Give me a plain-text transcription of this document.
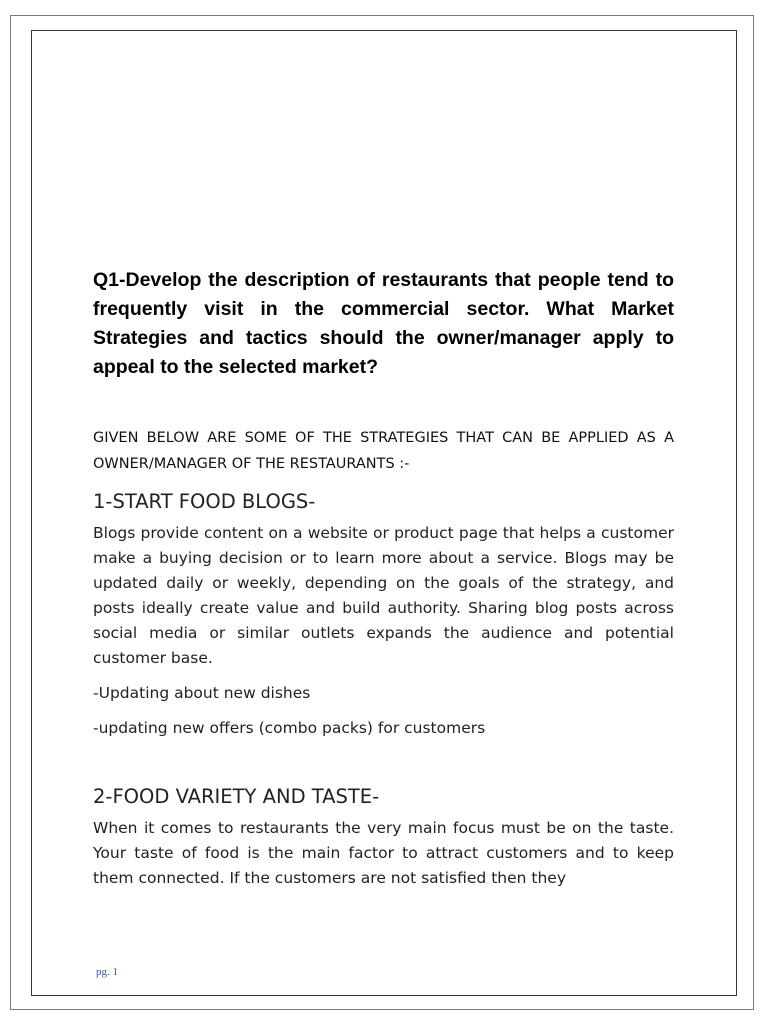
Q1-Develop the description of restaurants that people tend to frequently visit in the commercial sector. What Market Strategies and tactics should the owner/manager apply to appeal to the selected market?

GIVEN BELOW ARE SOME OF THE STRATEGIES THAT CAN BE APPLIED AS A OWNER/MANAGER OF THE RESTAURANTS :-

1-START FOOD BLOGS-

Blogs provide content on a website or product page that helps a customer make a buying decision or to learn more about a service. Blogs may be updated daily or weekly, depending on the goals of the strategy, and posts ideally create value and build authority. Sharing blog posts across social media or similar outlets expands the audience and potential customer base.

-Updating about new dishes

-updating new offers (combo packs) for customers

2-FOOD VARIETY AND TASTE-

When it comes to restaurants the very main focus must be on the taste. Your taste of food is the main factor to attract customers and to keep them connected. If the customers are not satisfied then they

pg. 1
